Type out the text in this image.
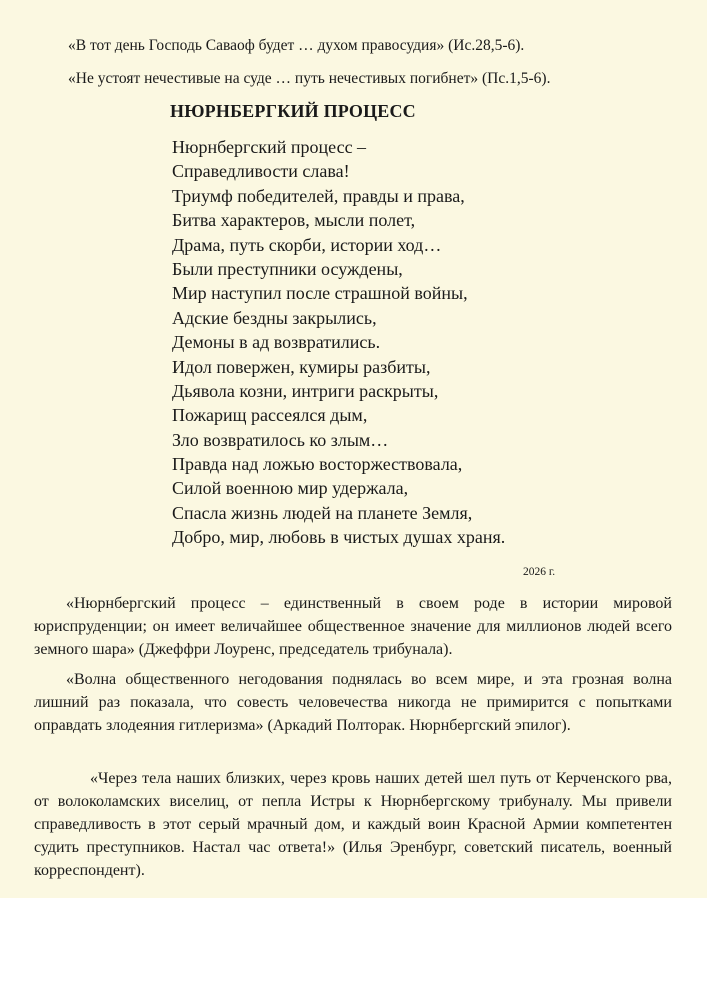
«В тот день Господь Саваоф будет … духом правосудия» (Ис.28,5-6).
«Не устоят нечестивые на суде … путь нечестивых погибнет» (Пс.1,5-6).
НЮРНБЕРГКИЙ ПРОЦЕСС
Нюрнбергский процесс –
Справедливости слава!
Триумф победителей, правды и права,
Битва характеров, мысли полет,
Драма, путь скорби, истории ход…
Были преступники осуждены,
Мир наступил после страшной войны,
Адские бездны закрылись,
Демоны в ад возвратились.
Идол повержен, кумиры разбиты,
Дьявола козни, интриги раскрыты,
Пожарищ рассеялся дым,
Зло возвратилось ко злым…
Правда над ложью восторжествовала,
Силой военною мир удержала,
Спасла жизнь людей на планете Земля,
Добро, мир, любовь в чистых душах храня.
2026 г.

«Нюрнбергский процесс – единственный в своем роде в истории мировой юриспруденции; он имеет величайшее общественное значение для миллионов людей всего земного шара» (Джеффри Лоуренс, председатель трибунала).

«Волна общественного негодования поднялась во всем мире, и эта грозная волна лишний раз показала, что совесть человечества никогда не примирится с попытками оправдать злодеяния гитлеризма» (Аркадий Полторак. Нюрнбергский эпилог).

«Через тела наших близких, через кровь наших детей шел путь от Керченского рва, от волоколамских виселиц, от пепла Истры к Нюрнбергскому трибуналу. Мы привели справедливость в этот серый мрачный дом, и каждый воин Красной Армии компетентен судить преступников. Настал час ответа!» (Илья Эренбург, советский писатель, военный корреспондент).
